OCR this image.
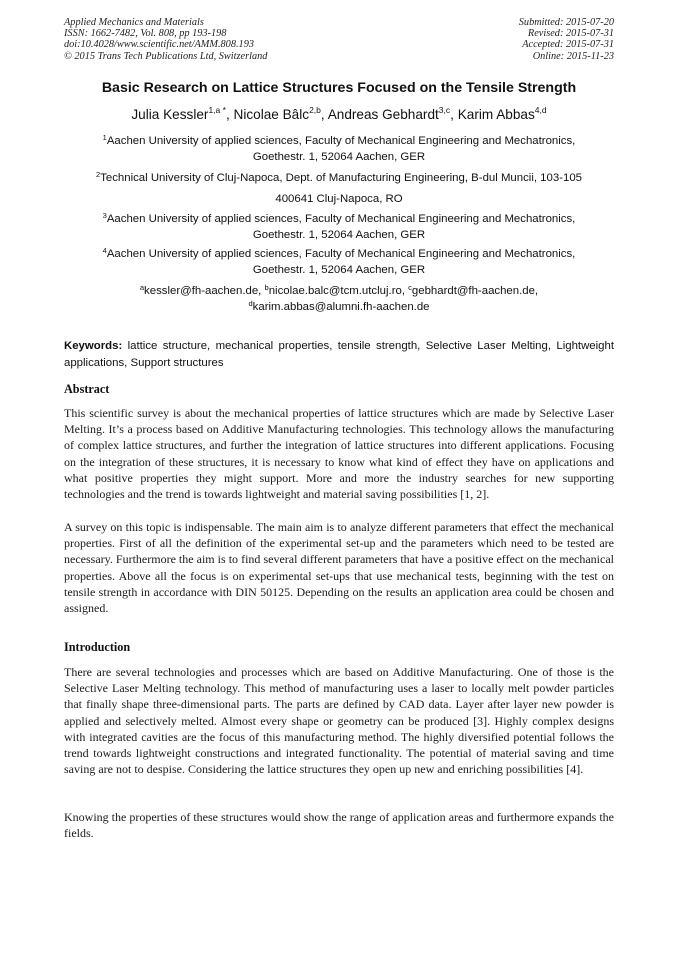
Applied Mechanics and Materials
ISSN: 1662-7482, Vol. 808, pp 193-198
doi:10.4028/www.scientific.net/AMM.808.193
© 2015 Trans Tech Publications Ltd, Switzerland
Submitted: 2015-07-20
Revised: 2015-07-31
Accepted: 2015-07-31
Online: 2015-11-23
Basic Research on Lattice Structures Focused on the Tensile Strength
Julia Kessler$^{1,a *}$, Nicolae Bâlc$^{2,b}$, Andreas Gebhardt$^{3,c}$, Karim Abbas$^{4,d}$
$^1$Aachen University of applied sciences, Faculty of Mechanical Engineering and Mechatronics,
Goethestr. 1, 52064 Aachen, GER
$^2$Technical University of Cluj-Napoca, Dept. of Manufacturing Engineering, B-dul Muncii, 103-105
400641 Cluj-Napoca, RO
$^3$Aachen University of applied sciences, Faculty of Mechanical Engineering and Mechatronics,
Goethestr. 1, 52064 Aachen, GER
$^4$Aachen University of applied sciences, Faculty of Mechanical Engineering and Mechatronics,
Goethestr. 1, 52064 Aachen, GER
$^a$kessler@fh-aachen.de, $^b$nicolae.balc@tcm.utcluj.ro, $^c$gebhardt@fh-aachen.de,
$^d$karim.abbas@alumni.fh-aachen.de
Keywords: lattice structure, mechanical properties, tensile strength, Selective Laser Melting, Lightweight applications, Support structures
Abstract
This scientific survey is about the mechanical properties of lattice structures which are made by Selective Laser Melting. It’s a process based on Additive Manufacturing technologies. This technology allows the manufacturing of complex lattice structures, and further the integration of lattice structures into different applications. Focusing on the integration of these structures, it is necessary to know what kind of effect they have on applications and what positive properties they might support. More and more the industry searches for new supporting technologies and the trend is towards lightweight and material saving possibilities [1, 2].
A survey on this topic is indispensable. The main aim is to analyze different parameters that effect the mechanical properties. First of all the definition of the experimental set-up and the parameters which need to be tested are necessary. Furthermore the aim is to find several different parameters that have a positive effect on the mechanical properties. Above all the focus is on experimental set-ups that use mechanical tests, beginning with the test on tensile strength in accordance with DIN 50125. Depending on the results an application area could be chosen and assigned.
Introduction
There are several technologies and processes which are based on Additive Manufacturing. One of those is the Selective Laser Melting technology. This method of manufacturing uses a laser to locally melt powder particles that finally shape three-dimensional parts. The parts are defined by CAD data. Layer after layer new powder is applied and selectively melted. Almost every shape or geometry can be produced [3]. Highly complex designs with integrated cavities are the focus of this manufacturing method. The highly diversified potential follows the trend towards lightweight constructions and integrated functionality. The potential of material saving and time saving are not to despise. Considering the lattice structures they open up new and enriching possibilities [4].
Knowing the properties of these structures would show the range of application areas and furthermore expands the fields.
